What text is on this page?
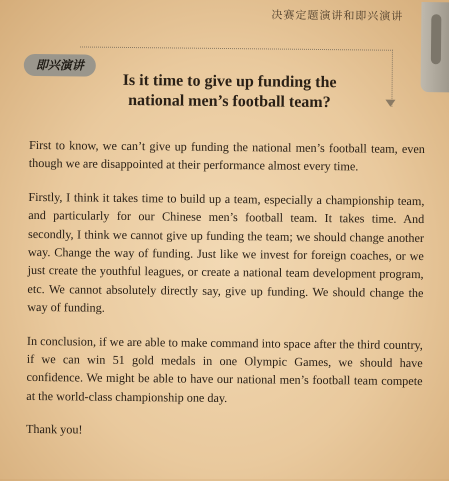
决赛定题演讲和即兴演讲
即兴演讲
Is it time to give up funding the
national men’s football team?

First to know, we can’t give up funding the national men’s football team, even though we are disappointed at their performance almost every time.

Firstly, I think it takes time to build up a team, especially a championship team, and particularly for our Chinese men’s football team. It takes time. And secondly, I think we cannot give up funding the team; we should change another way. Change the way of funding. Just like we invest for foreign coaches, or we just create the youthful leagues, or create a national team development program, etc. We cannot absolutely directly say, give up funding. We should change the way of funding.

In conclusion, if we are able to make command into space after the third country, if we can win 51 gold medals in one Olympic Games, we should have confidence. We might be able to have our national men’s football team compete at the world-class championship one day.

Thank you!
